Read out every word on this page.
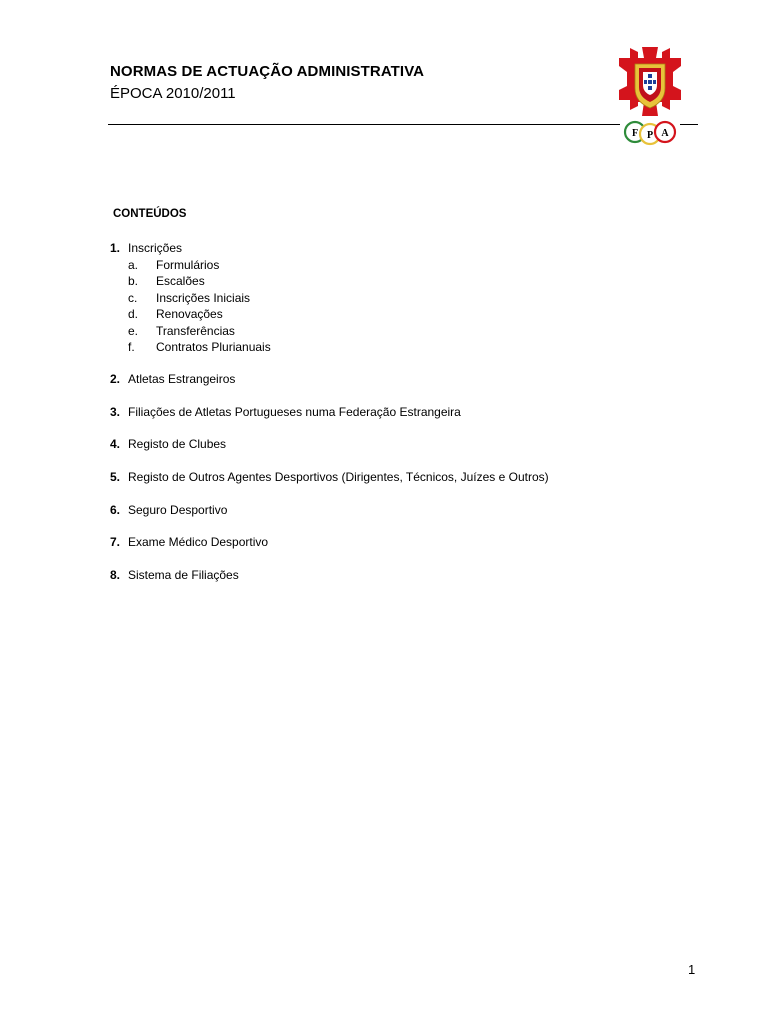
NORMAS DE ACTUAÇÃO ADMINISTRATIVA
ÉPOCA 2010/2011
F P A
CONTEÚDOS
1. Inscrições
a. Formulários
b. Escalões
c. Inscrições Iniciais
d. Renovações
e. Transferências
f. Contratos Plurianuais
2. Atletas Estrangeiros
3. Filiações de Atletas Portugueses numa Federação Estrangeira
4. Registo de Clubes
5. Registo de Outros Agentes Desportivos (Dirigentes, Técnicos, Juízes e Outros)
6. Seguro Desportivo
7. Exame Médico Desportivo
8. Sistema de Filiações
1
